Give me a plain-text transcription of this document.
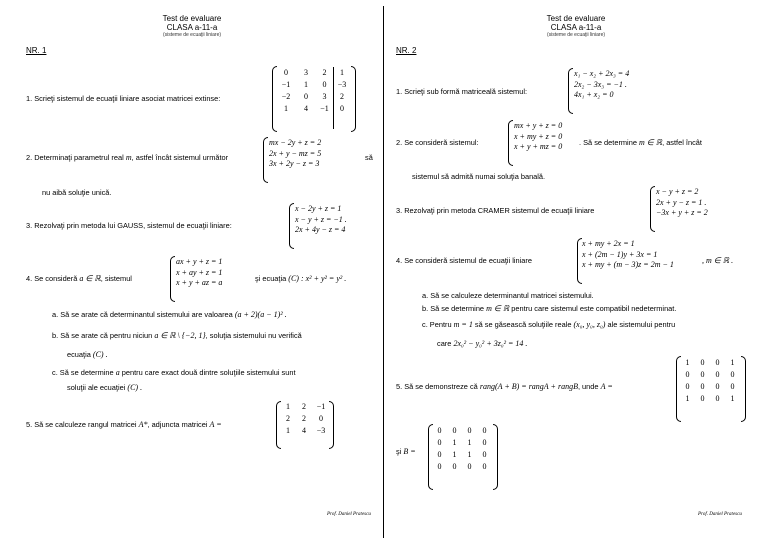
Test de evaluare
CLASA a-11-a
(sisteme de ecuaţii liniare)
NR. 1
1. Scrieţi sistemul de ecuaţii liniare asociat matricei extinse:
0	3	2	1
−1	1	0	−3
−2	0	3	2
1	4	−1	0
2. Determinaţi parametrul real m, astfel încât sistemul următor
mx − 2y + z = 2
2x + y − mz = 5
3x + 2y − z = 3
să
nu aibă soluţie unică.
3. Rezolvaţi prin metoda lui GAUSS, sistemul de ecuaţii liniare:
x − 2y + z = 1
x − y + z = −1 .
2x + 4y − z = 4
4. Se consideră a ∈ ℝ, sistemul
ax + y + z = 1
x + ay + z = 1
x + y + az = a	şi ecuaţia (C) : x² + y² = y² .
a. Să se arate că determinantul sistemului are valoarea (a + 2)(a − 1)² .
b. Să se arate că pentru niciun a ∈ ℝ \ {−2, 1}, soluţia sistemului nu verifică
ecuaţia (C) .
c. Să se determine a pentru care exact două dintre soluţiile sistemului sunt
soluţii ale ecuaţiei (C) .
5. Să se calculeze rangul matricei A*, adjuncta matricei A =
1	2	−1
2	2	0
1	4	−3
Prof. Daniel Pratescu
Test de evaluare
CLASA a-11-a
(sisteme de ecuaţii liniare)
NR. 2
1. Scrieţi sub formă matriceală sistemul:
x₁ − x₂ + 2x₃ = 4
2x₂ − 3x₃ = −1 .
4x₁ + x₂ = 0
2. Se consideră sistemul:
mx + y + z = 0
x + my + z = 0
x + y + mz = 0 . Să se determine m ∈ ℝ, astfel încât
sistemul să admită numai soluţia banală.
3. Rezolvaţi prin metoda CRAMER sistemul de ecuaţii liniare
x − y + z = 2
2x + y − z = 1 .
−3x + y + z = 2
4. Se consideră sistemul de ecuaţii liniare
x + my + 2x = 1
x + (2m − 1)y + 3x = 1
x + my + (m − 3)z = 2m − 1	, m ∈ ℝ .
a. Să se calculeze determinantul matricei sistemului.
b. Să se determine m ∈ ℝ pentru care sistemul este compatibil nedeterminat.
c. Pentru m = 1 să se găsească soluţiile reale (x₀, y₀, z₀) ale sistemului pentru
care 2x₀² − y₀² + 3z₀² = 14 .
5. Să se demonstreze că rang(A + B) = rangA + rangB, unde A =
1	0	0	1
0	0	0	0
0	0	0	0
1	0	0	1
şi B =
0	0	0	0
0	1	1	0
0	1	1	0
0	0	0	0
Prof. Daniel Pratescu
